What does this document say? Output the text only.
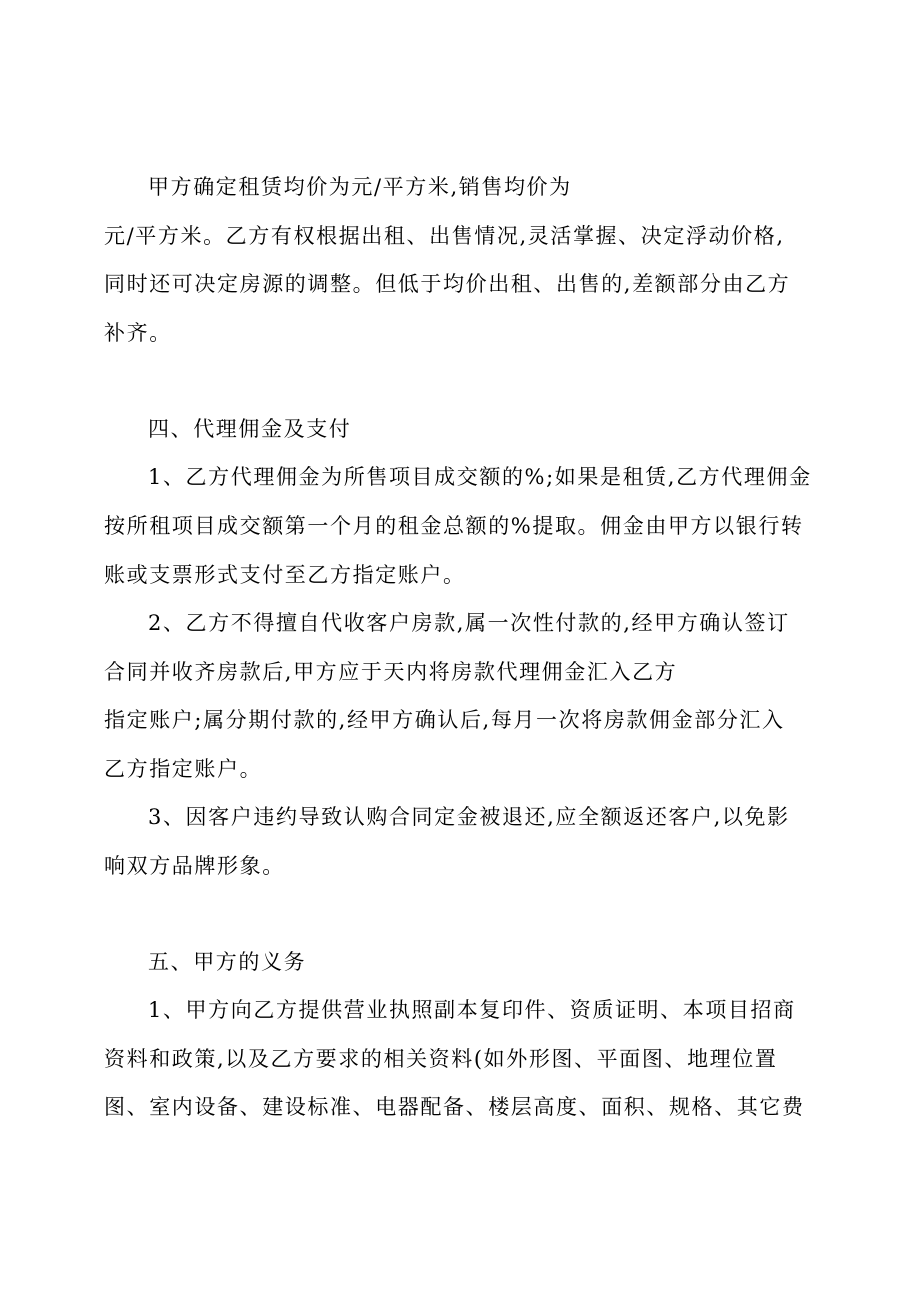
甲方确定租赁均价为元/平方米,销售均价为
元/平方米。乙方有权根据出租、出售情况,灵活掌握、决定浮动价格,
同时还可决定房源的调整。但低于均价出租、出售的,差额部分由乙方
补齐。
四、代理佣金及支付
1、乙方代理佣金为所售项目成交额的%;如果是租赁,乙方代理佣金
按所租项目成交额第一个月的租金总额的%提取。佣金由甲方以银行转
账或支票形式支付至乙方指定账户。
2、乙方不得擅自代收客户房款,属一次性付款的,经甲方确认签订
合同并收齐房款后,甲方应于天内将房款代理佣金汇入乙方
指定账户;属分期付款的,经甲方确认后,每月一次将房款佣金部分汇入
乙方指定账户。
3、因客户违约导致认购合同定金被退还,应全额返还客户,以免影
响双方品牌形象。
五、甲方的义务
1、甲方向乙方提供营业执照副本复印件、资质证明、本项目招商
资料和政策,以及乙方要求的相关资料(如外形图、平面图、地理位置
图、室内设备、建设标准、电器配备、楼层高度、面积、规格、其它费
